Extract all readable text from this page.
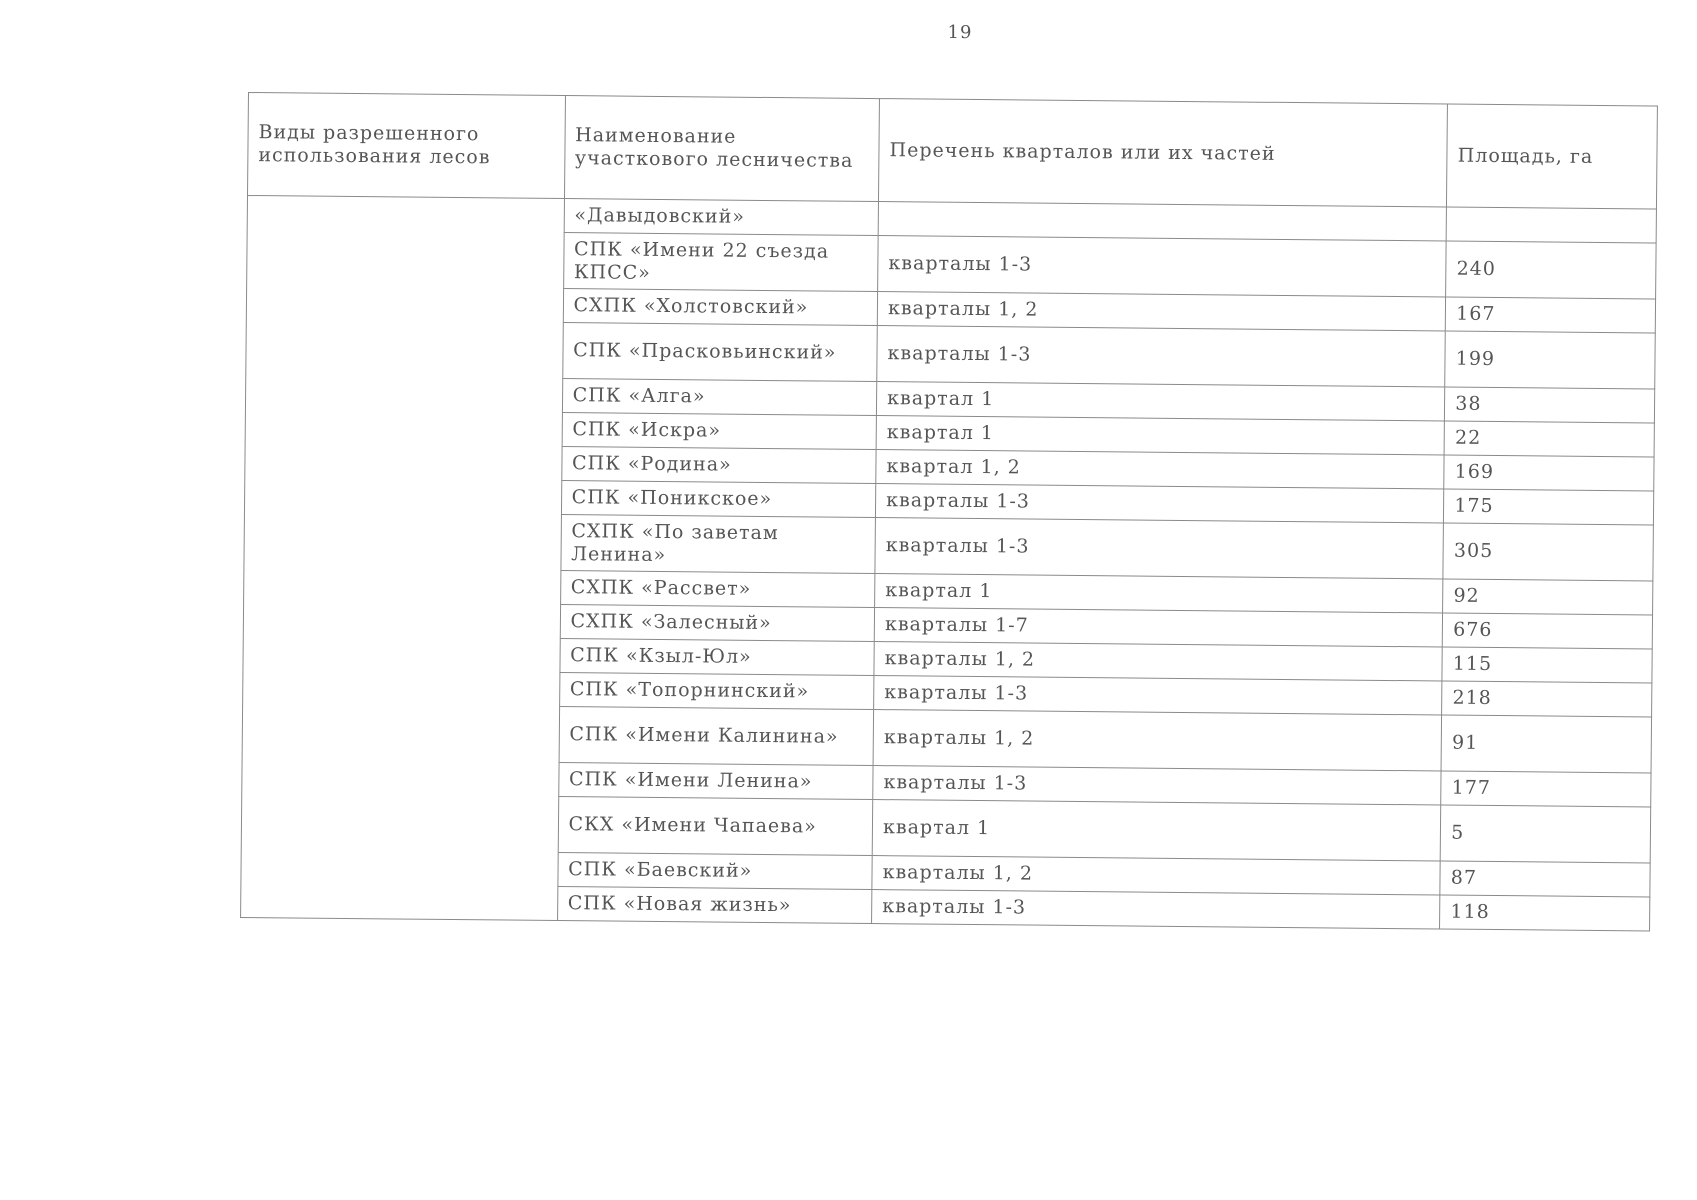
19
Виды разрешенного использования лесов	Наименование участкового лесничества	Перечень кварталов или их частей	Площадь, га
	«Давыдовский»		
	СПК «Имени 22 съезда КПСС»	кварталы 1-3	240
	СХПК «Холстовский»	кварталы 1, 2	167
	СПК «Прасковьинский»	кварталы 1-3	199
	СПК «Алга»	квартал 1	38
	СПК «Искра»	квартал 1	22
	СПК «Родина»	квартал 1, 2	169
	СПК «Поникское»	кварталы 1-3	175
	СХПК «По заветам Ленина»	кварталы 1-3	305
	СХПК «Рассвет»	квартал 1	92
	СХПК «Залесный»	кварталы 1-7	676
	СПК «Кзыл-Юл»	кварталы 1, 2	115
	СПК «Топорнинский»	кварталы 1-3	218
	СПК «Имени Калинина»	кварталы 1, 2	91
	СПК «Имени Ленина»	кварталы 1-3	177
	СКХ «Имени Чапаева»	квартал 1	5
	СПК «Баевский»	кварталы 1, 2	87
	СПК «Новая жизнь»	кварталы 1-3	118
